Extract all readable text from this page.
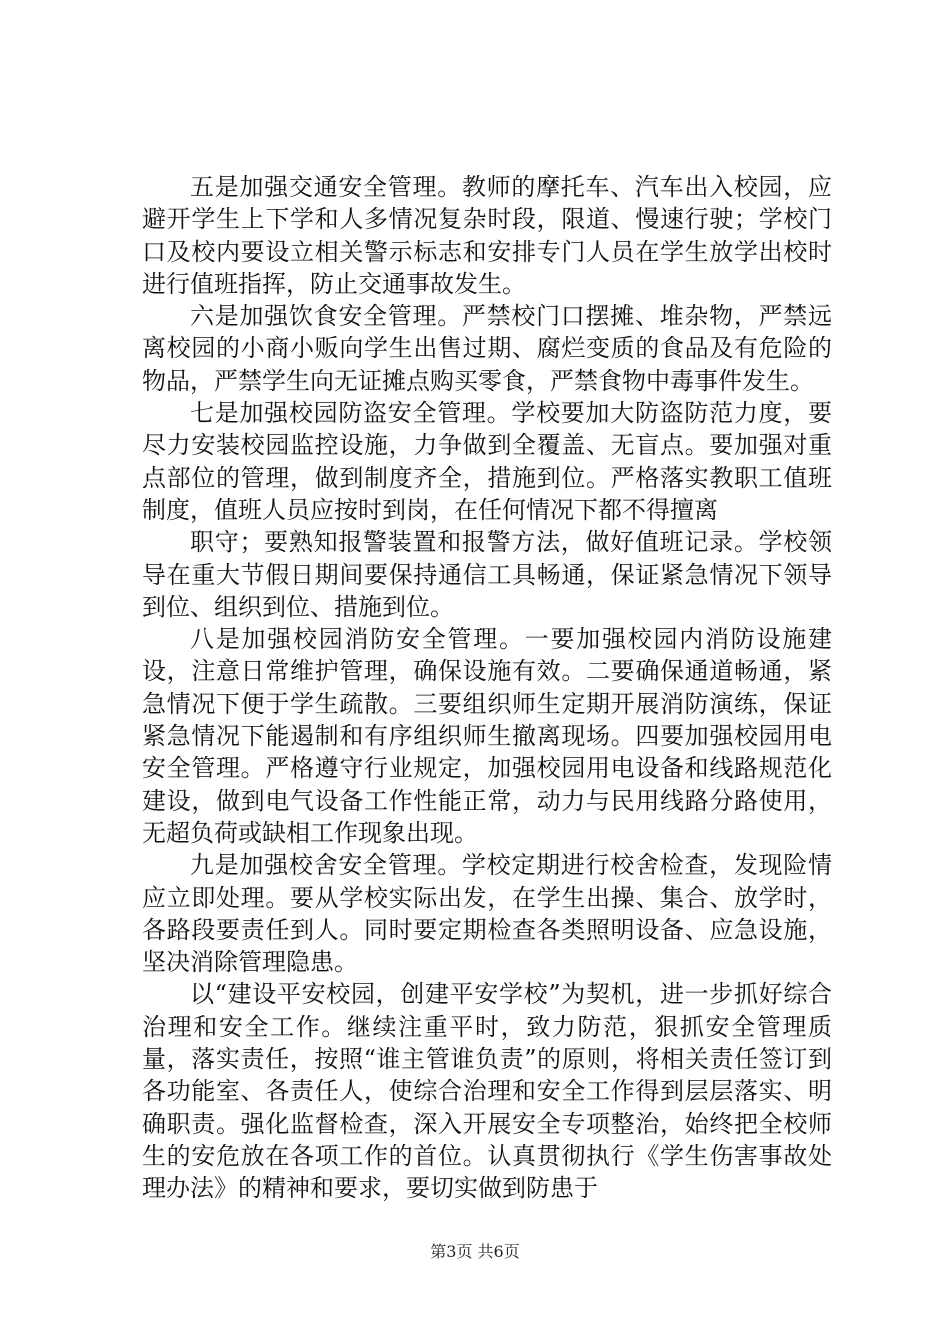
五是加强交通安全管理。教师的摩托车、汽车出入校园，应避开学生上下学和人多情况复杂时段，限道、慢速行驶；学校门口及校内要设立相关警示标志和安排专门人员在学生放学出校时进行值班指挥，防止交通事故发生。

六是加强饮食安全管理。严禁校门口摆摊、堆杂物，严禁远离校园的小商小贩向学生出售过期、腐烂变质的食品及有危险的物品，严禁学生向无证摊点购买零食，严禁食物中毒事件发生。

七是加强校园防盗安全管理。学校要加大防盗防范力度，要尽力安装校园监控设施，力争做到全覆盖、无盲点。要加强对重点部位的管理，做到制度齐全，措施到位。严格落实教职工值班制度，值班人员应按时到岗，在任何情况下都不得擅离

职守；要熟知报警装置和报警方法，做好值班记录。学校领导在重大节假日期间要保持通信工具畅通，保证紧急情况下领导到位、组织到位、措施到位。

八是加强校园消防安全管理。一要加强校园内消防设施建设，注意日常维护管理，确保设施有效。二要确保通道畅通，紧急情况下便于学生疏散。三要组织师生定期开展消防演练，保证紧急情况下能遏制和有序组织师生撤离现场。四要加强校园用电安全管理。严格遵守行业规定，加强校园用电设备和线路规范化建设，做到电气设备工作性能正常，动力与民用线路分路使用，无超负荷或缺相工作现象出现。

九是加强校舍安全管理。学校定期进行校舍检查，发现险情应立即处理。要从学校实际出发，在学生出操、集合、放学时，各路段要责任到人。同时要定期检查各类照明设备、应急设施，坚决消除管理隐患。

以“建设平安校园，创建平安学校”为契机，进一步抓好综合治理和安全工作。继续注重平时，致力防范，狠抓安全管理质量，落实责任，按照“谁主管谁负责”的原则，将相关责任签订到各功能室、各责任人，使综合治理和安全工作得到层层落实、明确职责。强化监督检查，深入开展安全专项整治，始终把全校师生的安危放在各项工作的首位。认真贯彻执行《学生伤害事故处理办法》的精神和要求，要切实做到防患于

第3页 共6页
